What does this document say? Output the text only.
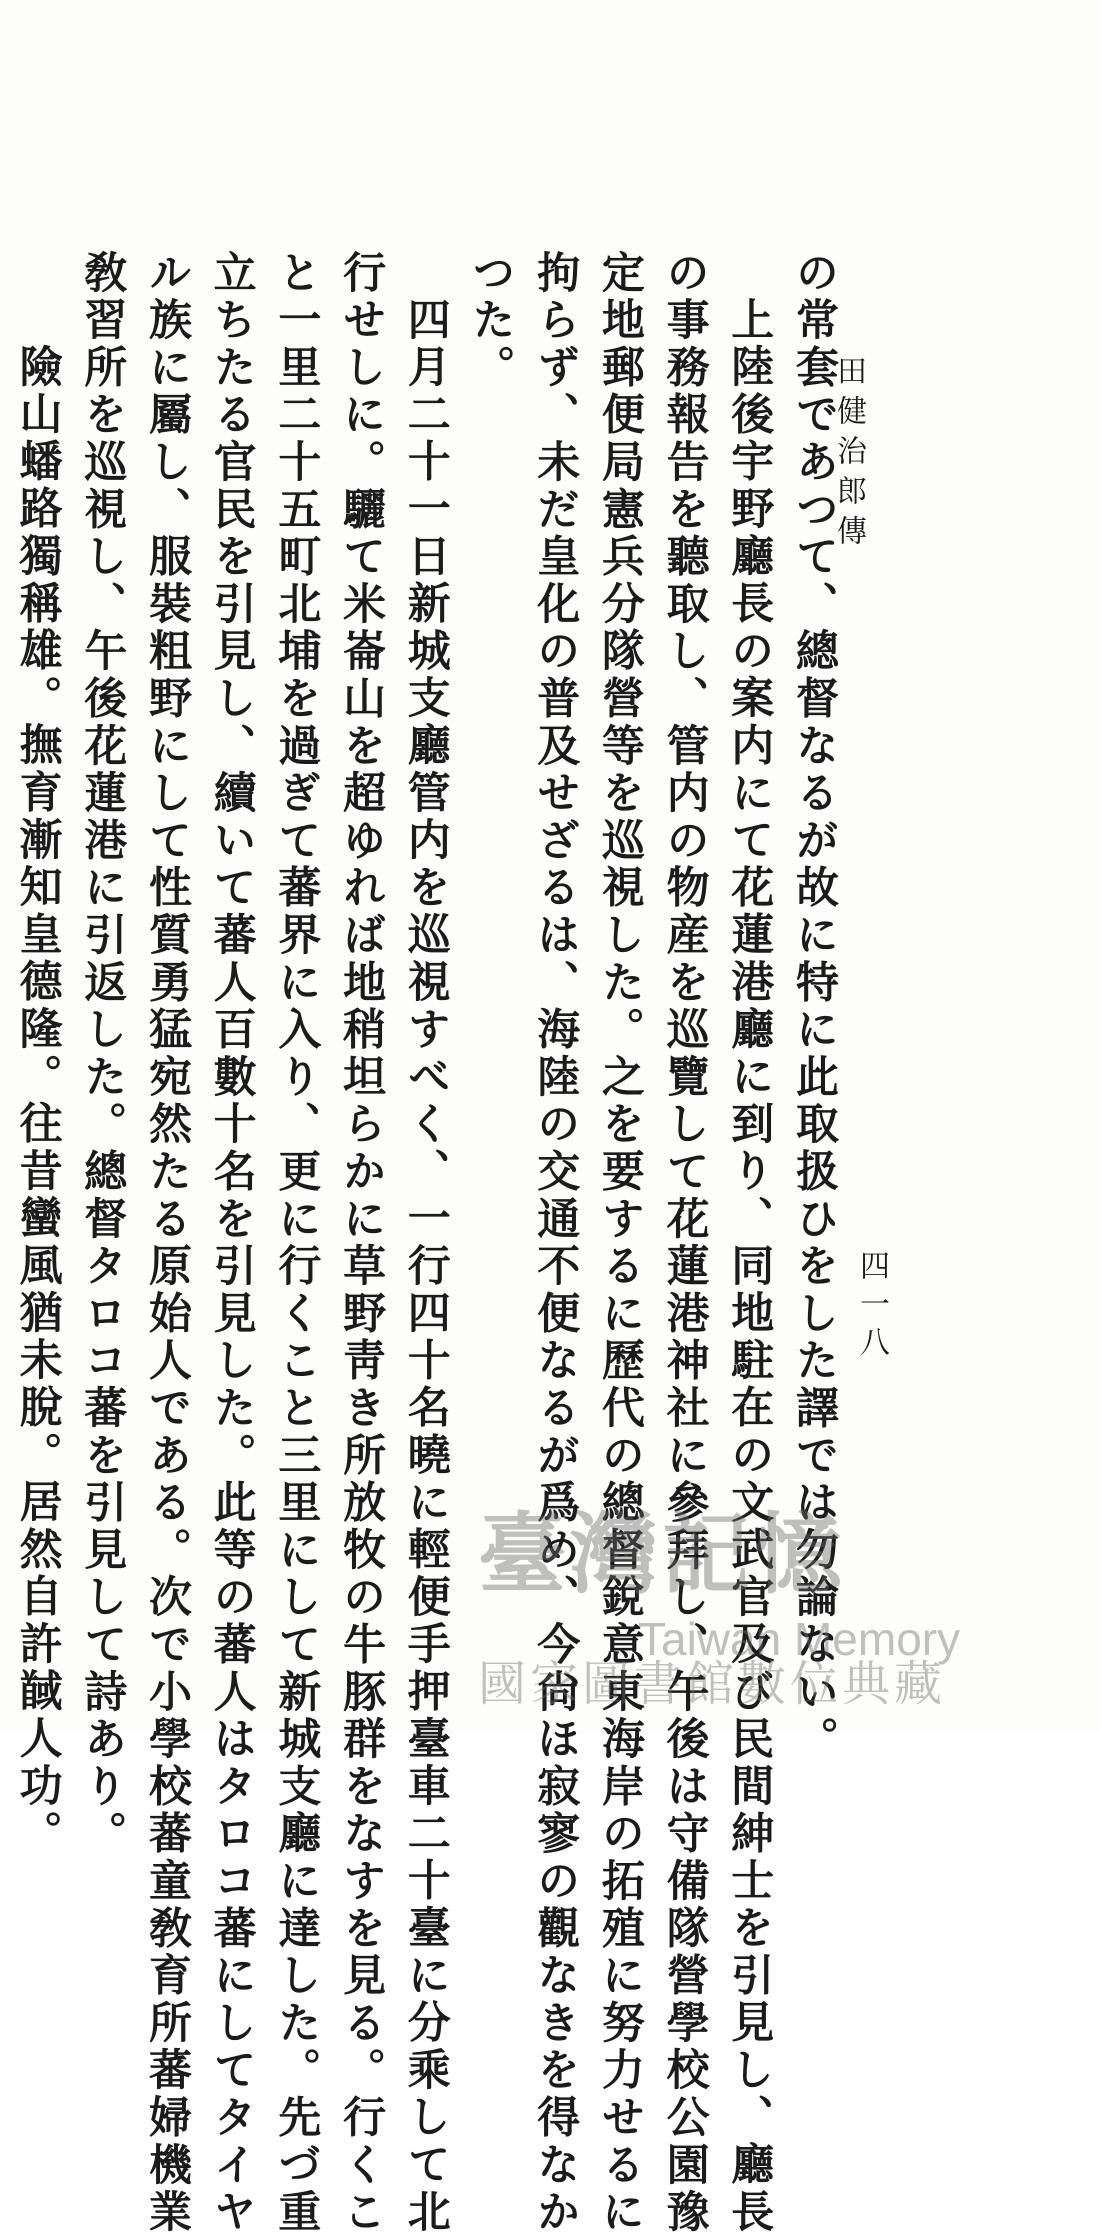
田健治郎傳
四一八

の常套であつて、總督なるが故に特に此取扱ひをした譯では勿論ない。

上陸後宇野廳長の案内にて花蓮港廳に到り、同地駐在の文武官及び民間紳士を引見し、廳長

の事務報告を聽取し、管内の物産を巡覽して花蓮港神社に參拜し、午後は守備隊營學校公園豫

定地郵便局憲兵分隊營等を巡視した。之を要するに歷代の總督銳意東海岸の拓殖に努力せるに

拘らず、未だ皇化の普及せざるは、海陸の交通不便なるが爲め、今尙ほ寂寥の觀なきを得なか

つた。

四月二十一日新城支廳管内を巡視すべく、一行四十名曉に輕便手押臺車二十臺に分乘して北

行せしに。驪て米崙山を超ゆれば地稍坦らかに草野靑き所放牧の牛豚群をなすを見る。行くこ

と一里二十五町北埔を過ぎて蕃界に入り、更に行くこと三里にして新城支廳に達した。先づ重

立ちたる官民を引見し、續いて蕃人百數十名を引見した。此等の蕃人はタロコ蕃にしてタイヤ

ル族に屬し、服裝粗野にして性質勇猛宛然たる原始人である。次で小學校蕃童敎育所蕃婦機業

敎習所を巡視し、午後花蓮港に引返した。總督タロコ蕃を引見して詩あり。

險山蟠路獨稱雄。撫育漸知皇德隆。往昔蠻風猶未脫。居然自許馘人功。	臺灣記憶
Taiwan Memory
國家圖書館數位典藏
